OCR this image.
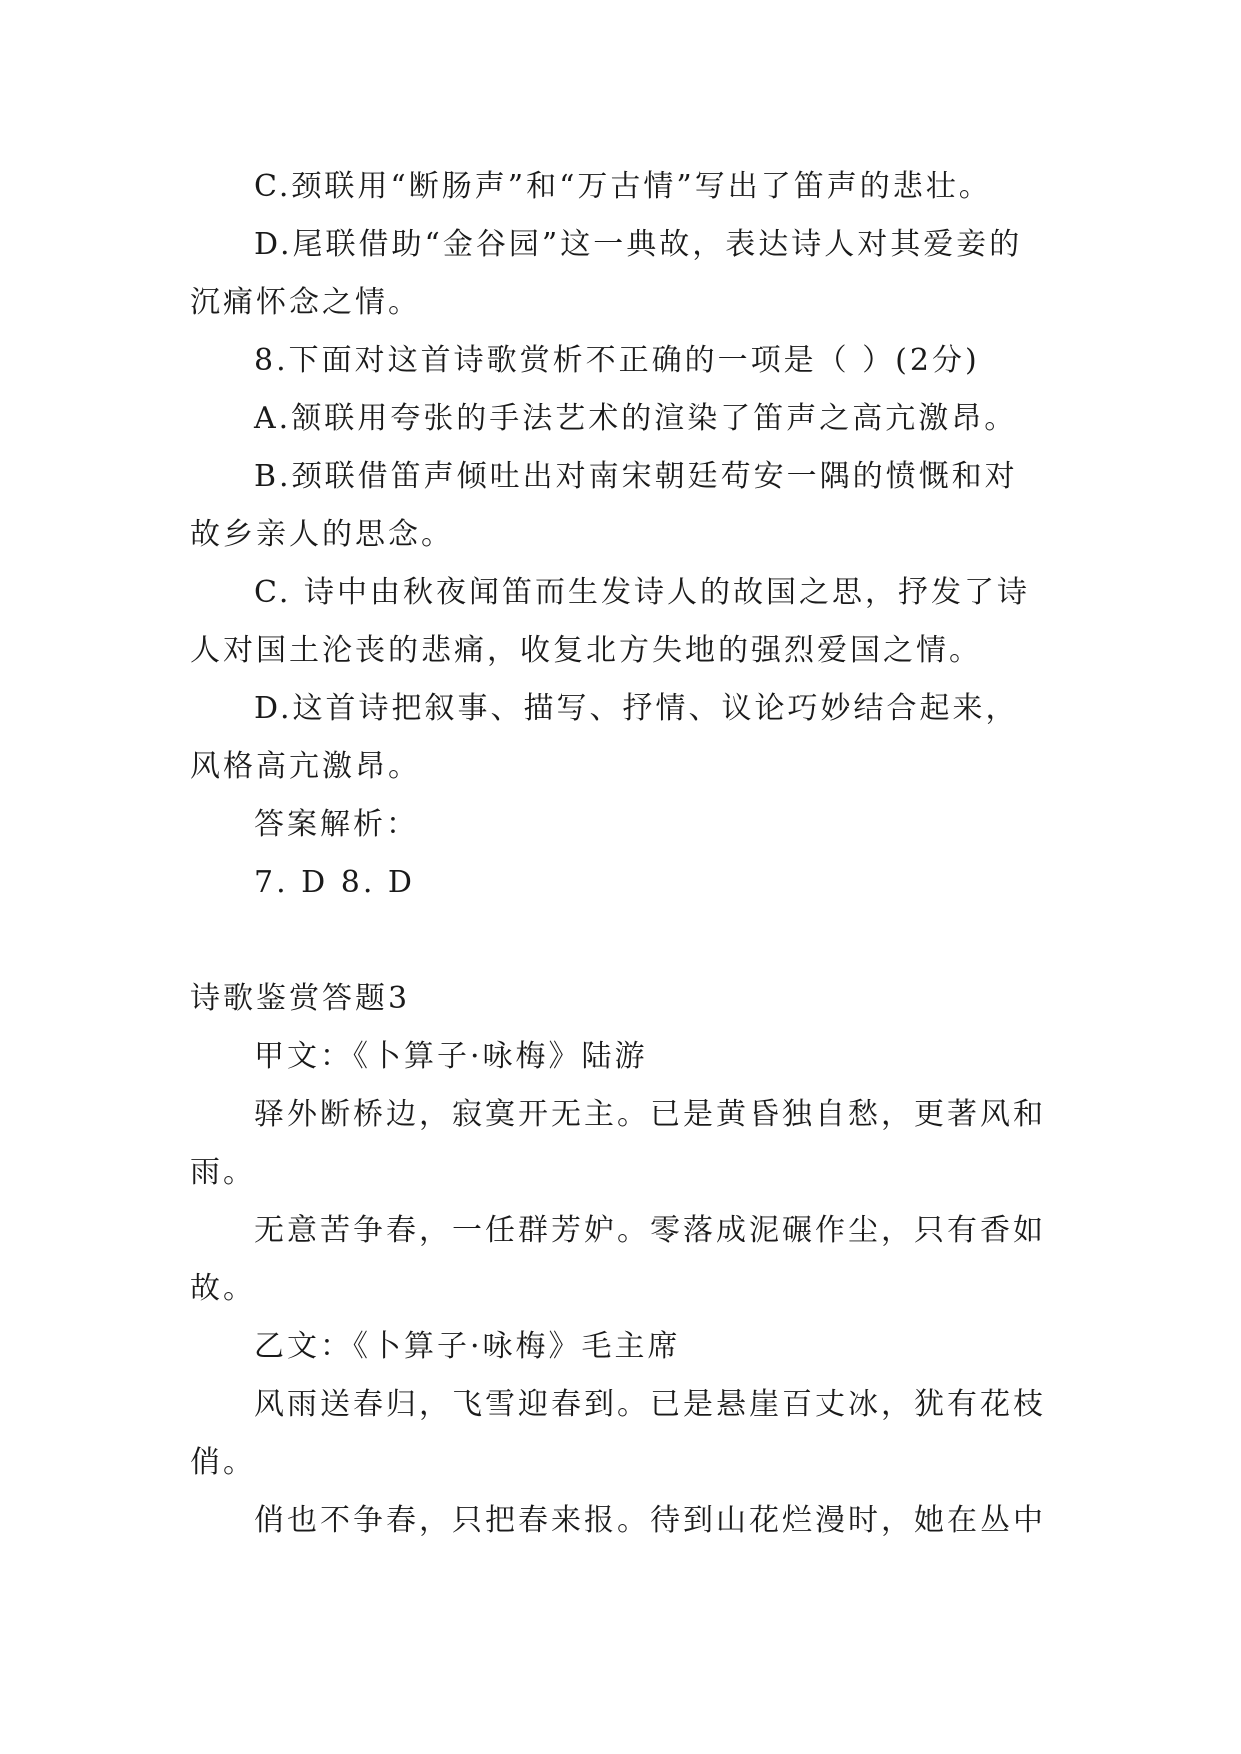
C.颈联用“断肠声”和“万古情”写出了笛声的悲壮。

D.尾联借助“金谷园”这一典故，表达诗人对其爱妾的沉痛怀念之情。

8.下面对这首诗歌赏析不正确的一项是（ ）(2分)

A.颔联用夸张的手法艺术的渲染了笛声之高亢激昂。

B.颈联借笛声倾吐出对南宋朝廷苟安一隅的愤慨和对故乡亲人的思念。

C. 诗中由秋夜闻笛而生发诗人的故国之思，抒发了诗人对国土沦丧的悲痛，收复北方失地的强烈爱国之情。

D.这首诗把叙事、描写、抒情、议论巧妙结合起来，风格高亢激昂。

答案解析：

7. D 8. D

诗歌鉴赏答题3

甲文：《卜算子·咏梅》陆游

驿外断桥边，寂寞开无主。已是黄昏独自愁，更著风和雨。

无意苦争春，一任群芳妒。零落成泥碾作尘，只有香如故。

乙文：《卜算子·咏梅》毛主席

风雨送春归，飞雪迎春到。已是悬崖百丈冰，犹有花枝俏。

俏也不争春，只把春来报。待到山花烂漫时，她在丛中
